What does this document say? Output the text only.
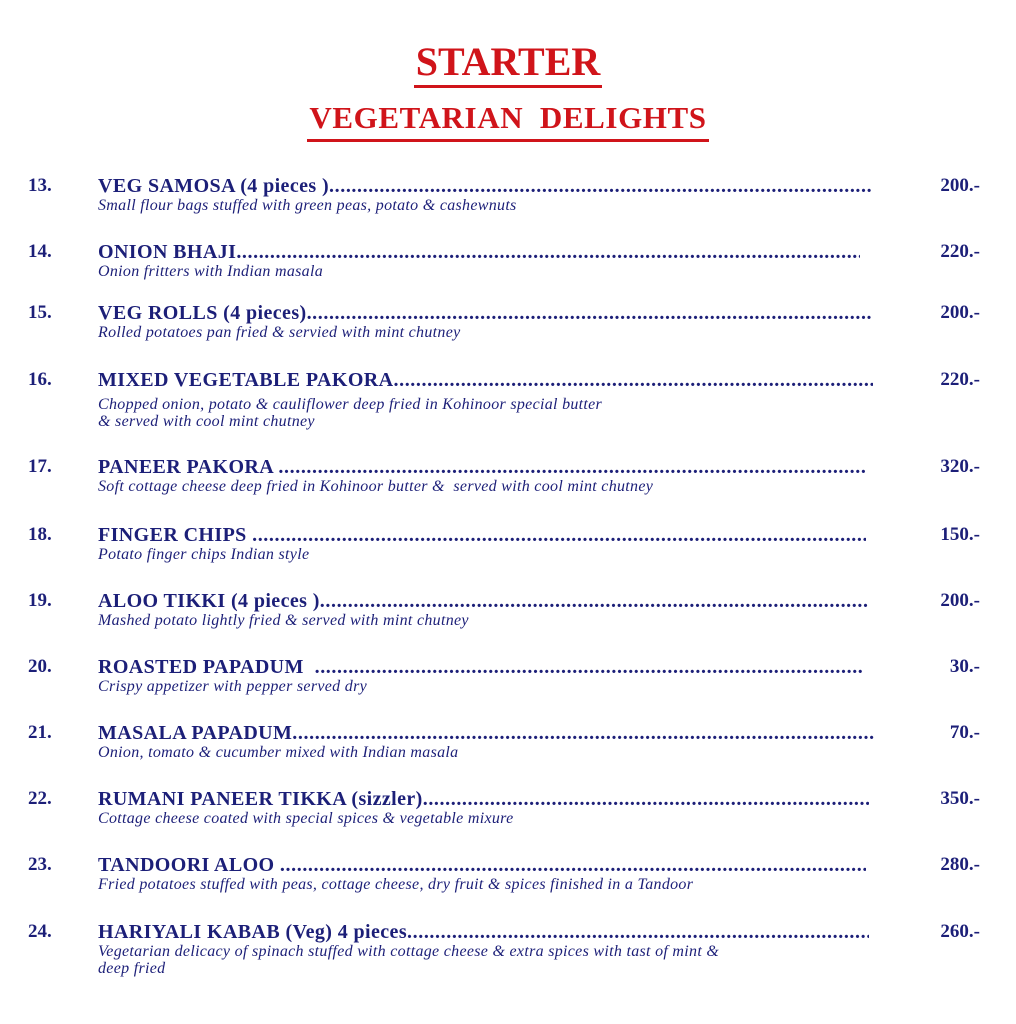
STARTER
VEGETARIAN  DELIGHTS
13. VEG SAMOSA (4 pieces ) .....	200.-
Small flour bags stuffed with green peas, potato & cashewnuts
14. ONION BHAJI .....	220.-
Onion fritters with Indian masala
15. VEG ROLLS (4 pieces) .....	200.-
Rolled potatoes pan fried & servied with mint chutney
16. MIXED VEGETABLE PAKORA .....	220.-
Chopped onion, potato & cauliflower deep fried in Kohinoor special butter
& served with cool mint chutney
17. PANEER PAKORA .....	320.-
Soft cottage cheese deep fried in Kohinoor butter &  served with cool mint chutney
18. FINGER CHIPS .....	150.-
Potato finger chips Indian style
19. ALOO TIKKI (4 pieces ) .....	200.-
Mashed potato lightly fried & served with mint chutney
20. ROASTED PAPADUM   .....	30.-
Crispy appetizer with pepper served dry
21. MASALA PAPADUM .....	70.-
Onion, tomato & cucumber mixed with Indian masala
22. RUMANI PANEER TIKKA (sizzler) .....	350.-
Cottage cheese coated with special spices & vegetable mixure
23. TANDOORI ALOO .....	280.-
Fried potatoes stuffed with peas, cottage cheese, dry fruit & spices finished in a Tandoor
24. HARIYALI KABAB (Veg) 4 pieces .....	260.-
Vegetarian delicacy of spinach stuffed with cottage cheese & extra spices with tast of mint &
deep fried
